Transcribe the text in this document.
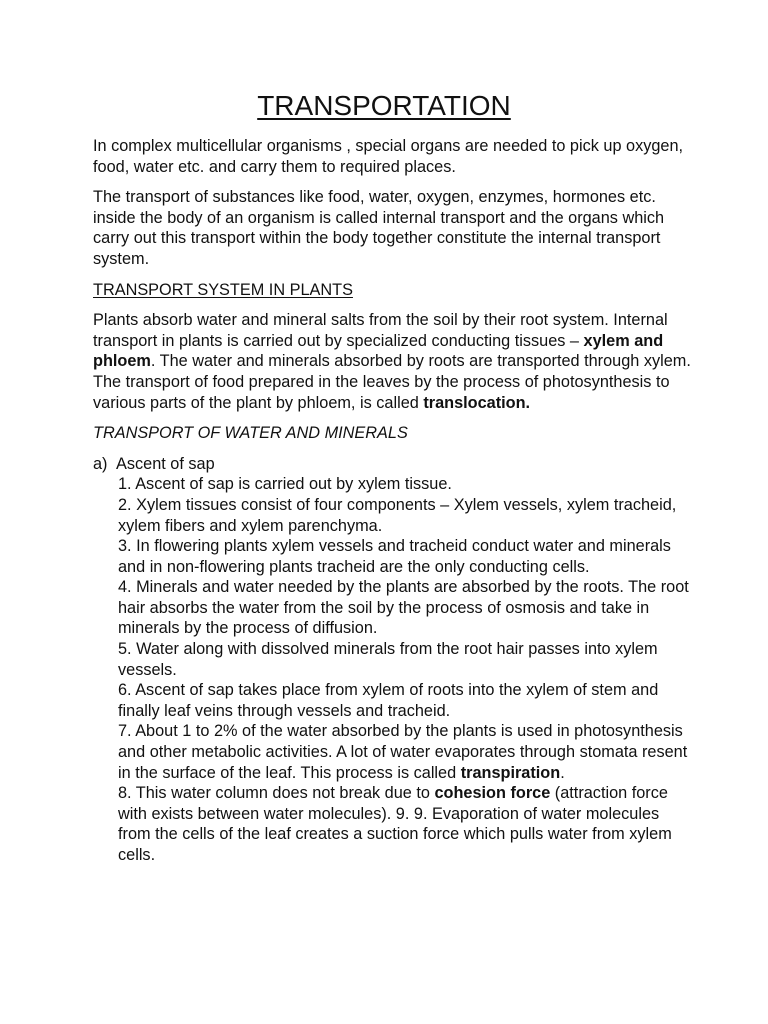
TRANSPORTATION

In complex multicellular organisms , special organs are needed to pick up oxygen, food, water etc. and carry them to required places.

The transport of substances like food, water, oxygen, enzymes, hormones etc. inside the body of an organism is called internal transport and the organs which carry out this transport within the body together constitute the internal transport system.

TRANSPORT SYSTEM IN PLANTS

Plants absorb water and mineral salts from the soil by their root system. Internal transport in plants is carried out by specialized conducting tissues – xylem and phloem. The water and minerals absorbed by roots are transported through xylem. The transport of food prepared in the leaves by the process of photosynthesis to various parts of the plant by phloem, is called translocation.

TRANSPORT OF WATER AND MINERALS

a) Ascent of sap
1. Ascent of sap is carried out by xylem tissue.
2. Xylem tissues consist of four components – Xylem vessels, xylem tracheid, xylem fibers and xylem parenchyma.
3. In flowering plants xylem vessels and tracheid conduct water and minerals and in non-flowering plants tracheid are the only conducting cells.
4. Minerals and water needed by the plants are absorbed by the roots. The root hair absorbs the water from the soil by the process of osmosis and take in minerals by the process of diffusion.
5. Water along with dissolved minerals from the root hair passes into xylem vessels.
6. Ascent of sap takes place from xylem of roots into the xylem of stem and finally leaf veins through vessels and tracheid.
7. About 1 to 2% of the water absorbed by the plants is used in photosynthesis and other metabolic activities. A lot of water evaporates through stomata resent in the surface of the leaf. This process is called transpiration.
8. This water column does not break due to cohesion force (attraction force with exists between water molecules). 9. 9. Evaporation of water molecules from the cells of the leaf creates a suction force which pulls water from xylem cells.
